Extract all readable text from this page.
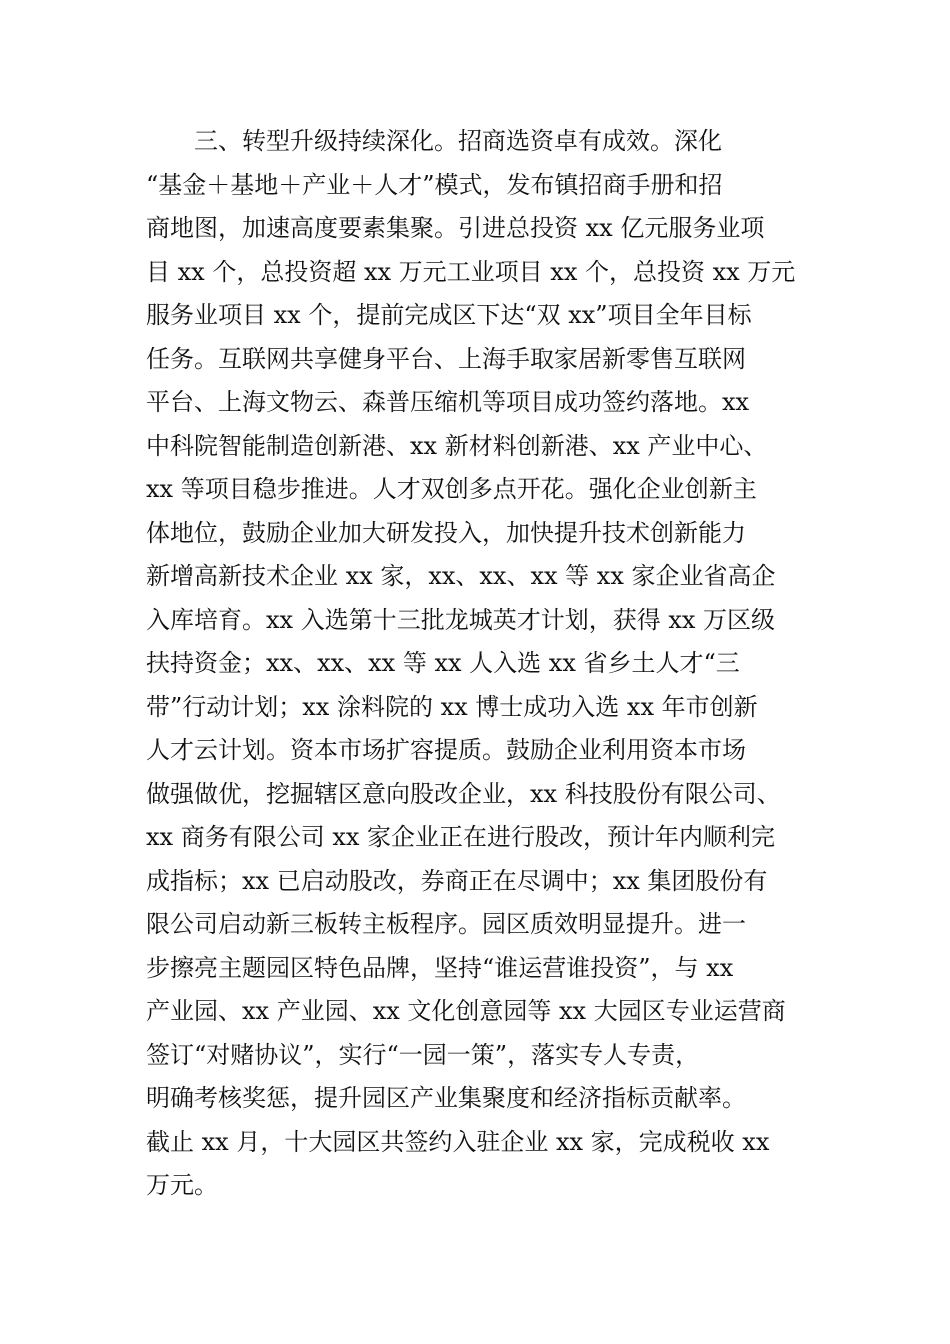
三、转型升级持续深化。招商选资卓有成效。深化
“基金＋基地＋产业＋人才”模式，发布镇招商手册和招
商地图，加速高度要素集聚。引进总投资 xx 亿元服务业项
目 xx 个，总投资超 xx 万元工业项目 xx 个，总投资 xx 万元
服务业项目 xx 个，提前完成区下达“双 xx”项目全年目标
任务。互联网共享健身平台、上海手取家居新零售互联网
平台、上海文物云、森普压缩机等项目成功签约落地。xx
中科院智能制造创新港、xx 新材料创新港、xx 产业中心、
xx 等项目稳步推进。人才双创多点开花。强化企业创新主
体地位，鼓励企业加大研发投入，加快提升技术创新能力
新增高新技术企业 xx 家，xx、xx、xx 等 xx 家企业省高企
入库培育。xx 入选第十三批龙城英才计划，获得 xx 万区级
扶持资金；xx、xx、xx 等 xx 人入选 xx 省乡土人才“三
带”行动计划；xx 涂料院的 xx 博士成功入选 xx 年市创新
人才云计划。资本市场扩容提质。鼓励企业利用资本市场
做强做优，挖掘辖区意向股改企业，xx 科技股份有限公司、
xx 商务有限公司 xx 家企业正在进行股改，预计年内顺利完
成指标；xx 已启动股改，券商正在尽调中；xx 集团股份有
限公司启动新三板转主板程序。园区质效明显提升。进一
步擦亮主题园区特色品牌，坚持“谁运营谁投资”，与 xx
产业园、xx 产业园、xx 文化创意园等 xx 大园区专业运营商
签订“对赌协议”，实行“一园一策”，落实专人专责，
明确考核奖惩，提升园区产业集聚度和经济指标贡献率。
截止 xx 月，十大园区共签约入驻企业 xx 家，完成税收 xx
万元。
